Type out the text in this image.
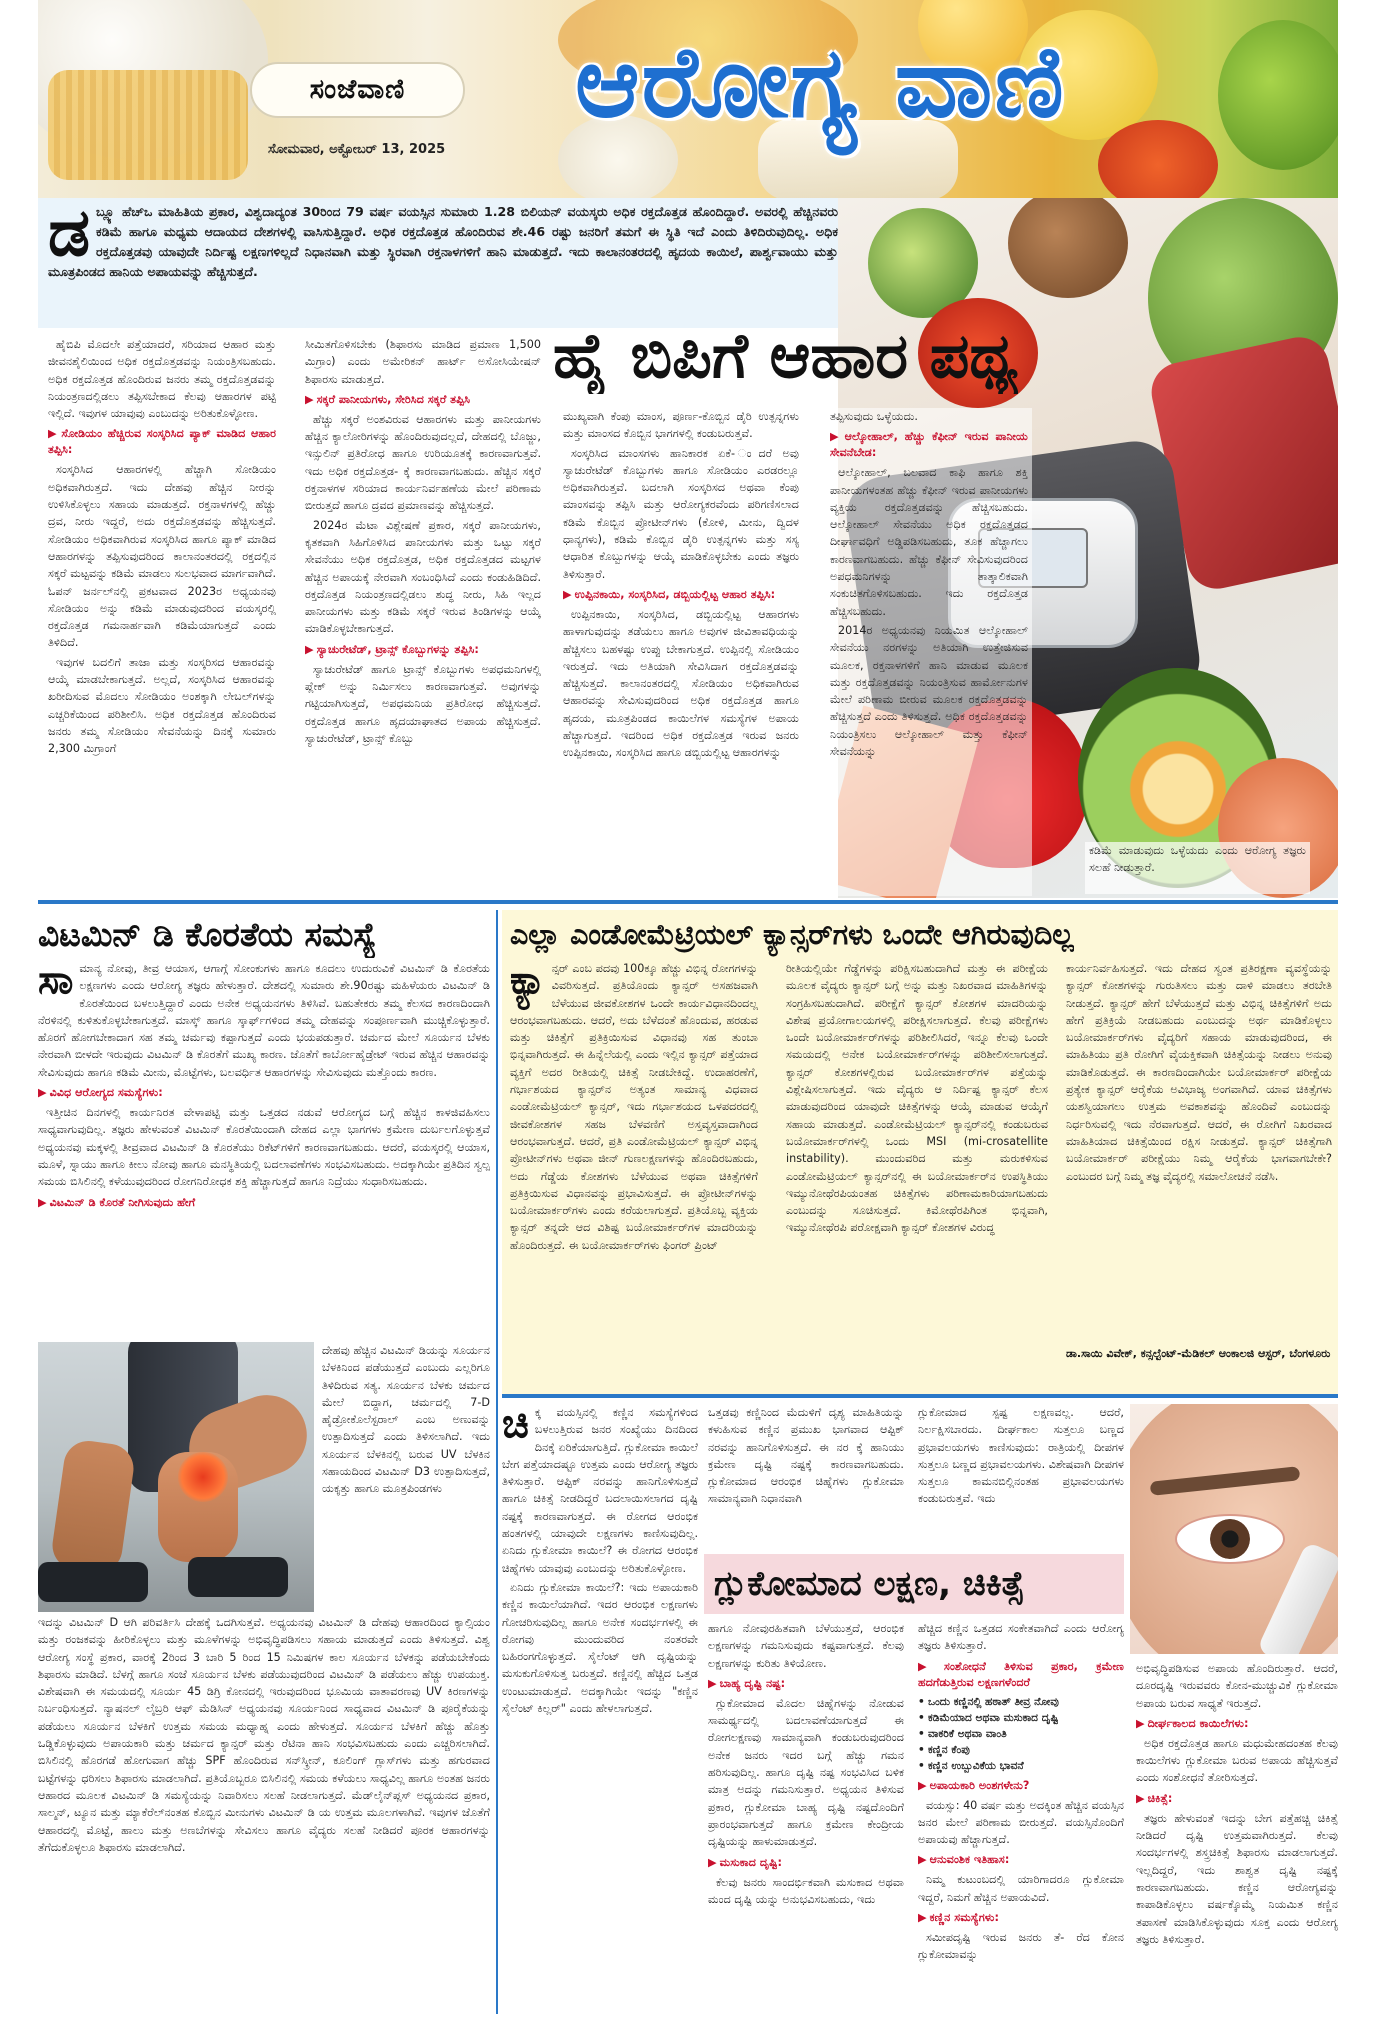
ಸಂಜೆವಾಣಿ
ಸೋಮವಾರ, ಅಕ್ಟೋಬರ್ 13, 2025
ಆರೋಗ್ಯ ವಾಣಿ
ಡ ಬ್ಲ್ಯೂ ಹೆಚ್‌ಒ ಮಾಹಿತಿಯ ಪ್ರಕಾರ, ವಿಶ್ವದಾದ್ಯಂತ 30ರಿಂದ 79 ವರ್ಷ ವಯಸ್ಸಿನ ಸುಮಾರು 1.28 ಬಿಲಿಯನ್ ವಯಸ್ಕರು ಅಧಿಕ ರಕ್ತದೊತ್ತಡ ಹೊಂದಿದ್ದಾರೆ. ಅವರಲ್ಲಿ ಹೆಚ್ಚಿನವರು ಕಡಿಮೆ ಹಾಗೂ ಮಧ್ಯಮ ಆದಾಯದ ದೇಶಗಳಲ್ಲಿ ವಾಸಿಸುತ್ತಿದ್ದಾರೆ. ಅಧಿಕ ರಕ್ತದೊತ್ತಡ ಹೊಂದಿರುವ ಶೇ.46 ರಷ್ಟು ಜನರಿಗೆ ತಮಗೆ ಈ ಸ್ಥಿತಿ ಇದೆ ಎಂದು ತಿಳಿದಿರುವುದಿಲ್ಲ. ಅಧಿಕ ರಕ್ತದೊತ್ತಡವು ಯಾವುದೇ ನಿರ್ದಿಷ್ಟ ಲಕ್ಷಣಗಳಿಲ್ಲದೆ ನಿಧಾನವಾಗಿ ಮತ್ತು ಸ್ಥಿರವಾಗಿ ರಕ್ತನಾಳಗಳಿಗೆ ಹಾನಿ ಮಾಡುತ್ತದೆ. ಇದು ಕಾಲಾನಂತರದಲ್ಲಿ ಹೃದಯ ಕಾಯಿಲೆ, ಪಾರ್ಶ್ವವಾಯು ಮತ್ತು ಮೂತ್ರಪಿಂಡದ ಹಾನಿಯ ಅಪಾಯವನ್ನು ಹೆಚ್ಚಿಸುತ್ತದೆ.
ಹೈ ಬಿಪಿಗೆ ಆಹಾರ ಪಥ್ಯ

ಹೈಬಿಪಿ ಮೊದಲೇ ಪತ್ತೆಯಾದರೆ, ಸರಿಯಾದ ಆಹಾರ ಮತ್ತು ಜೀವನಶೈಲಿಯಿಂದ ಅಧಿಕ ರಕ್ತದೊತ್ತಡವನ್ನು ನಿಯಂತ್ರಿಸಬಹುದು. ಅಧಿಕ ರಕ್ತದೊತ್ತಡ ಹೊಂದಿರುವ ಜನರು ತಮ್ಮ ರಕ್ತದೊತ್ತಡವನ್ನು ನಿಯಂತ್ರಣದಲ್ಲಿಡಲು ತಪ್ಪಿಸಬೇಕಾದ ಕೆಲವು ಆಹಾರಗಳ ಪಟ್ಟಿ ಇಲ್ಲಿದೆ. ಇವುಗಳ ಯಾವುವು ಎಂಬುದನ್ನು ಅರಿತುಕೊಳ್ಳೋಣ.

▶ ಸೋಡಿಯಂ ಹೆಚ್ಚಿರುವ ಸಂಸ್ಕರಿಸಿದ ಪ್ಯಾಕ್ ಮಾಡಿದ ಆಹಾರ ತಪ್ಪಿಸಿ:

ಸಂಸ್ಕರಿಸಿದ ಆಹಾರಗಳಲ್ಲಿ ಹೆಚ್ಚಾಗಿ ಸೋಡಿಯಂ ಅಧಿಕವಾಗಿರುತ್ತದೆ. ಇದು ದೇಹವು ಹೆಚ್ಚಿನ ನೀರನ್ನು ಉಳಿಸಿಕೊಳ್ಳಲು ಸಹಾಯ ಮಾಡುತ್ತದೆ. ರಕ್ತನಾಳಗಳಲ್ಲಿ ಹೆಚ್ಚು ದ್ರವ, ನೀರು ಇದ್ದರೆ, ಅದು ರಕ್ತದೊತ್ತಡವನ್ನು ಹೆಚ್ಚಿಸುತ್ತದೆ. ಸೋಡಿಯಂ ಅಧಿಕವಾಗಿರುವ ಸಂಸ್ಕರಿಸಿದ ಹಾಗೂ ಪ್ಯಾಕ್ ಮಾಡಿದ ಆಹಾರಗಳನ್ನು ತಪ್ಪಿಸುವುದರಿಂದ ಕಾಲಾನಂತರದಲ್ಲಿ ರಕ್ತದಲ್ಲಿನ ಸಕ್ಕರೆ ಮಟ್ಟವನ್ನು ಕಡಿಮೆ ಮಾಡಲು ಸುಲಭವಾದ ಮಾರ್ಗವಾಗಿದೆ. ಓಪನ್ ಜರ್ನಲ್‌ನಲ್ಲಿ ಪ್ರಕಟವಾದ 2023ರ ಅಧ್ಯಯನವು ಸೋಡಿಯಂ ಅನ್ನು ಕಡಿಮೆ ಮಾಡುವುದರಿಂದ ವಯಸ್ಕರಲ್ಲಿ ರಕ್ತದೊತ್ತಡ ಗಮನಾರ್ಹವಾಗಿ ಕಡಿಮೆಯಾಗುತ್ತದೆ ಎಂದು ತಿಳಿದಿದೆ.

ಇವುಗಳ ಬದಲಿಗೆ ತಾಜಾ ಮತ್ತು ಸಂಸ್ಕರಿಸದ ಆಹಾರವನ್ನು ಆಯ್ಕೆ ಮಾಡಬೇಕಾಗುತ್ತದೆ. ಅಲ್ಲದೆ, ಸಂಸ್ಕರಿಸಿದ ಆಹಾರವನ್ನು ಖರೀದಿಸುವ ಮೊದಲು ಸೋಡಿಯಂ ಅಂಶಕ್ಕಾಗಿ ಲೇಬಲ್‌ಗಳನ್ನು ಎಚ್ಚರಿಕೆಯಿಂದ ಪರಿಶೀಲಿಸಿ. ಅಧಿಕ ರಕ್ತದೊತ್ತಡ ಹೊಂದಿರುವ ಜನರು ತಮ್ಮ ಸೋಡಿಯಂ ಸೇವನೆಯನ್ನು ದಿನಕ್ಕೆ ಸುಮಾರು 2,300 ಮಿಗ್ರಾಂಗೆ

ಸೀಮಿತಗೊಳಿಸಬೇಕು (ಶಿಫಾರಸು ಮಾಡಿದ ಪ್ರಮಾಣ 1,500 ಮಿಗ್ರಾಂ) ಎಂದು ಅಮೇರಿಕನ್ ಹಾರ್ಟ್ ಅಸೋಸಿಯೇಷನ್ ಶಿಫಾರಸು ಮಾಡುತ್ತದೆ.

▶ ಸಕ್ಕರೆ ಪಾನೀಯಗಳು, ಸೇರಿಸಿದ ಸಕ್ಕರೆ ತಪ್ಪಿಸಿ

ಹೆಚ್ಚು ಸಕ್ಕರೆ ಅಂಶವಿರುವ ಆಹಾರಗಳು ಮತ್ತು ಪಾನೀಯಗಳು ಹೆಚ್ಚಿನ ಕ್ಯಾಲೋರಿಗಳನ್ನು ಹೊಂದಿರುವುದಲ್ಲದೆ, ದೇಹದಲ್ಲಿ ಬೊಜ್ಜು, ಇನ್ಸುಲಿನ್ ಪ್ರತಿರೋಧ ಹಾಗೂ ಉರಿಯೂತಕ್ಕೆ ಕಾರಣವಾಗುತ್ತವೆ. ಇದು ಅಧಿಕ ರಕ್ತದೊತ್ತಡ- ಕ್ಕೆ ಕಾರಣವಾಗಬಹುದು. ಹೆಚ್ಚಿನ ಸಕ್ಕರೆ ರಕ್ತನಾಳಗಳ ಸರಿಯಾದ ಕಾರ್ಯನಿರ್ವಹಣೆಯ ಮೇಲೆ ಪರಿಣಾಮ ಬೀರುತ್ತದೆ ಹಾಗೂ ದ್ರವದ ಪ್ರಮಾಣವನ್ನು ಹೆಚ್ಚಿಸುತ್ತದೆ.

2024ರ ಮೆಟಾ ವಿಶ್ಲೇಷಣೆ ಪ್ರಕಾರ, ಸಕ್ಕರೆ ಪಾನೀಯಗಳು, ಕೃತಕವಾಗಿ ಸಿಹಿಗೊಳಿಸಿದ ಪಾನೀಯಗಳು ಮತ್ತು ಒಟ್ಟು ಸಕ್ಕರೆ ಸೇವನೆಯು ಅಧಿಕ ರಕ್ತದೊತ್ತಡ, ಅಧಿಕ ರಕ್ತದೊತ್ತಡದ ಮಟ್ಟಗಳ ಹೆಚ್ಚಿನ ಅಪಾಯಕ್ಕೆ ನೇರವಾಗಿ ಸಂಬಂಧಿಸಿದೆ ಎಂದು ಕಂಡುಹಿಡಿದಿದೆ. ರಕ್ತದೊತ್ತಡ ನಿಯಂತ್ರಣದಲ್ಲಿಡಲು ಶುದ್ಧ ನೀರು, ಸಿಹಿ ಇಲ್ಲದ ಪಾನೀಯಗಳು ಮತ್ತು ಕಡಿಮೆ ಸಕ್ಕರೆ ಇರುವ ತಿಂಡಿಗಳನ್ನು ಆಯ್ಕೆ ಮಾಡಿಕೊಳ್ಳಬೇಕಾಗುತ್ತದೆ.

▶ ಸ್ಯಾಚುರೇಟೆಡ್, ಟ್ರಾನ್ಸ್ ಕೊಬ್ಬುಗಳನ್ನು ತಪ್ಪಿಸಿ:

ಸ್ಯಾಚುರೇಟೆಡ್ ಹಾಗೂ ಟ್ರಾನ್ಸ್ ಕೊಬ್ಬುಗಳು ಅಪಧಮನಿಗಳಲ್ಲಿ ಪ್ಲೇಕ್ ಅನ್ನು ನಿರ್ಮಿಸಲು ಕಾರಣವಾಗುತ್ತವೆ. ಅವುಗಳನ್ನು ಗಟ್ಟಿಯಾಗಿಸುತ್ತದೆ, ಅಪಧಮನಿಯ ಪ್ರತಿರೋಧ ಹೆಚ್ಚಿಸುತ್ತದೆ. ರಕ್ತದೊತ್ತಡ ಹಾಗೂ ಹೃದಯಾಘಾತದ ಅಪಾಯ ಹೆಚ್ಚಿಸುತ್ತದೆ. ಸ್ಯಾಚುರೇಟೆಡ್, ಟ್ರಾನ್ಸ್ ಕೊಬ್ಬು

ಮುಖ್ಯವಾಗಿ ಕೆಂಪು ಮಾಂಸ, ಪೂರ್ಣ-ಕೊಬ್ಬಿನ ಡೈರಿ ಉತ್ಪನ್ನಗಳು ಮತ್ತು ಮಾಂಸದ ಕೊಬ್ಬಿನ ಭಾಗಗಳಲ್ಲಿ ಕಂಡುಬರುತ್ತವೆ.

ಸಂಸ್ಕರಿಸಿದ ಮಾಂಸಗಳು ಹಾನಿಕಾರಕ ಏಕೆ- ಂದರೆ ಅವು ಸ್ಯಾಚುರೇಟೆಡ್ ಕೊಬ್ಬುಗಳು ಹಾಗೂ ಸೋಡಿಯಂ ಎರಡರಲ್ಲೂ ಅಧಿಕವಾಗಿರುತ್ತವೆ. ಬದಲಾಗಿ ಸಂಸ್ಕರಿಸದ ಅಥವಾ ಕೆಂಪು ಮಾಂಸವನ್ನು ತಪ್ಪಿಸಿ ಮತ್ತು ಆರೋಗ್ಯಕರವೆಂದು ಪರಿಗಣಿಸಲಾದ ಕಡಿಮೆ ಕೊಬ್ಬಿನ ಪ್ರೋಟೀನ್‌ಗಳು (ಕೋಳಿ, ಮೀನು, ದ್ವಿದಳ ಧಾನ್ಯಗಳು), ಕಡಿಮೆ ಕೊಬ್ಬಿನ ಡೈರಿ ಉತ್ಪನ್ನಗಳು ಮತ್ತು ಸಸ್ಯ ಆಧಾರಿತ ಕೊಬ್ಬುಗಳನ್ನು ಆಯ್ಕೆ ಮಾಡಿಕೊಳ್ಳಬೇಕು ಎಂದು ತಜ್ಞರು ತಿಳಿಸುತ್ತಾರೆ.

▶ ಉಪ್ಪಿನಕಾಯಿ, ಸಂಸ್ಕರಿಸಿದ, ಡಬ್ಬಿಯಲ್ಲಿಟ್ಟ ಆಹಾರ ತಪ್ಪಿಸಿ:

ಉಪ್ಪಿನಕಾಯಿ, ಸಂಸ್ಕರಿಸಿದ, ಡಬ್ಬಿಯಲ್ಲಿಟ್ಟ ಆಹಾರಗಳು ಹಾಳಾಗುವುದನ್ನು ತಡೆಯಲು ಹಾಗೂ ಅವುಗಳ ಜೀವಿತಾವಧಿಯನ್ನು ಹೆಚ್ಚಿಸಲು ಬಹಳಷ್ಟು ಉಪ್ಪು ಬೇಕಾಗುತ್ತದೆ. ಉಪ್ಪಿನಲ್ಲಿ ಸೋಡಿಯಂ ಇರುತ್ತದೆ. ಇದು ಅತಿಯಾಗಿ ಸೇವಿಸಿದಾಗ ರಕ್ತದೊತ್ತಡವನ್ನು ಹೆಚ್ಚಿಸುತ್ತದೆ. ಕಾಲಾನಂತರದಲ್ಲಿ ಸೋಡಿಯಂ ಅಧಿಕವಾಗಿರುವ ಆಹಾರವನ್ನು ಸೇವಿಸುವುದರಿಂದ ಅಧಿಕ ರಕ್ತದೊತ್ತಡ ಹಾಗೂ ಹೃದಯ, ಮೂತ್ರಪಿಂಡದ ಕಾಯಿಲೆಗಳ ಸಮಸ್ಯೆಗಳ ಅಪಾಯ ಹೆಚ್ಚಾಗುತ್ತದೆ. ಇದರಿಂದ ಅಧಿಕ ರಕ್ತದೊತ್ತಡ ಇರುವ ಜನರು ಉಪ್ಪಿನಕಾಯಿ, ಸಂಸ್ಕರಿಸಿದ ಹಾಗೂ ಡಬ್ಬಿಯಲ್ಲಿಟ್ಟ ಆಹಾರಗಳನ್ನು

ತಪ್ಪಿಸುವುದು ಒಳ್ಳೆಯದು.

▶ ಆಲ್ಕೋಹಾಲ್, ಹೆಚ್ಚು ಕೆಫೀನ್ ಇರುವ ಪಾನೀಯ ಸೇವನೆಬೇಡ:

ಆಲ್ಕೋಹಾಲ್, ಬಲವಾದ ಕಾಫಿ ಹಾಗೂ ಶಕ್ತಿ ಪಾನೀಯಗಳಂತಹ ಹೆಚ್ಚು ಕೆಫೀನ್ ಇರುವ ಪಾನೀಯಗಳು ವ್ಯಕ್ತಿಯ ರಕ್ತದೊತ್ತಡವನ್ನು ಹೆಚ್ಚಿಸಬಹುದು. ಆಲ್ಕೋಹಾಲ್ ಸೇವನೆಯು ಅಧಿಕ ರಕ್ತದೊತ್ತಡದ ದೀರ್ಘಾವಧಿಗೆ ಅಡ್ಡಿಪಡಿಸಬಹುದು, ತೂಕ ಹೆಚ್ಚಾಗಲು ಕಾರಣವಾಗಬಹುದು. ಹೆಚ್ಚು ಕೆಫೀನ್ ಸೇವಿಸುವುದರಿಂದ ಅಪಧಮನಿಗಳನ್ನು ತಾತ್ಕಾಲಿಕವಾಗಿ ಸಂಕುಚಿತಗೊಳಿಸಬಹುದು. ಇದು ರಕ್ತದೊತ್ತಡ ಹೆಚ್ಚಿಸಬಹುದು.

2014ರ ಅಧ್ಯಯನವು ನಿಯಮಿತ ಆಲ್ಕೋಹಾಲ್ ಸೇವನೆಯು ನರಗಳನ್ನು ಅತಿಯಾಗಿ ಉತ್ತೇಜಿಸುವ ಮೂಲಕ, ರಕ್ತನಾಳಗಳಿಗೆ ಹಾನಿ ಮಾಡುವ ಮೂಲಕ ಮತ್ತು ರಕ್ತದೊತ್ತಡವನ್ನು ನಿಯಂತ್ರಿಸುವ ಹಾರ್ಮೋನುಗಳ ಮೇಲೆ ಪರಿಣಾಮ ಬೀರುವ ಮೂಲಕ ರಕ್ತದೊತ್ತಡವನ್ನು ಹೆಚ್ಚಿಸುತ್ತದೆ ಎಂದು ತಿಳಿಸುತ್ತದೆ. ಅಧಿಕ ರಕ್ತದೊತ್ತಡವನ್ನು ನಿಯಂತ್ರಿಸಲು ಆಲ್ಕೋಹಾಲ್ ಮತ್ತು ಕೆಫೀನ್ ಸೇವನೆಯನ್ನು

ಕಡಿಮೆ ಮಾಡುವುದು ಒಳ್ಳೆಯದು ಎಂದು ಆರೋಗ್ಯ ತಜ್ಞರು ಸಲಹೆ ನೀಡುತ್ತಾರೆ.
ವಿಟಮಿನ್ ಡಿ ಕೊರತೆಯ ಸಮಸ್ಯೆ
ಸಾ ಮಾನ್ಯ ನೋವು, ತೀವ್ರ ಆಯಾಸ, ಆಗಾಗ್ಗೆ ಸೋಂಕುಗಳು ಹಾಗೂ ಕೂದಲು ಉದುರುವಿಕೆ ವಿಟಮಿನ್ ಡಿ ಕೊರತೆಯ ಲಕ್ಷಣಗಳು ಎಂದು ಆರೋಗ್ಯ ತಜ್ಞರು ಹೇಳುತ್ತಾರೆ. ದೇಶದಲ್ಲಿ ಸುಮಾರು ಶೇ.90ರಷ್ಟು ಮಹಿಳೆಯರು ವಿಟಮಿನ್ ಡಿ ಕೊರತೆಯಿಂದ ಬಳಲುತ್ತಿದ್ದಾರೆ ಎಂದು ಅನೇಕ ಅಧ್ಯಯನಗಳು ತಿಳಿಸಿವೆ. ಬಹುತೇಕರು ತಮ್ಮ ಕೆಲಸದ ಕಾರಣದಿಂದಾಗಿ ನೆರಳಿನಲ್ಲಿ ಕುಳಿತುಕೊಳ್ಳಬೇಕಾಗುತ್ತದೆ. ಮಾಸ್ಕ್ ಹಾಗೂ ಸ್ಕಾರ್ಫ್‌ಗಳಿಂದ ತಮ್ಮ ದೇಹವನ್ನು ಸಂಪೂರ್ಣವಾಗಿ ಮುಚ್ಚಿಕೊಳ್ಳುತ್ತಾರೆ. ಹೊರಗೆ ಹೋಗಬೇಕಾದಾಗ ಸಹ ತಮ್ಮ ಚರ್ಮವು ಕಪ್ಪಾಗುತ್ತದೆ ಎಂದು ಭಯಪಡುತ್ತಾರೆ. ಚರ್ಮದ ಮೇಲೆ ಸೂರ್ಯನ ಬೆಳಕು ನೇರವಾಗಿ ಬೀಳದೇ ಇರುವುದು ವಿಟಮಿನ್ ಡಿ ಕೊರತೆಗೆ ಮುಖ್ಯ ಕಾರಣ. ಜೊತೆಗೆ ಕಾರ್ಬೋಹೈಡ್ರೇಟ್ ಇರುವ ಹೆಚ್ಚಿನ ಆಹಾರವನ್ನು ಸೇವಿಸುವುದು ಹಾಗೂ ಕಡಿಮೆ ಮೀನು, ಮೊಟ್ಟೆಗಳು, ಬಲವರ್ಧಿತ ಆಹಾರಗಳನ್ನು ಸೇವಿಸುವುದು ಮತ್ತೊಂದು ಕಾರಣ.

▶ ವಿವಿಧ ಆರೋಗ್ಯದ ಸಮಸ್ಯೆಗಳು:

ಇತ್ತೀಚಿನ ದಿನಗಳಲ್ಲಿ ಕಾರ್ಯನಿರತ ವೇಳಾಪಟ್ಟಿ ಮತ್ತು ಒತ್ತಡದ ನಡುವೆ ಆರೋಗ್ಯದ ಬಗ್ಗೆ ಹೆಚ್ಚಿನ ಕಾಳಜಿವಹಿಸಲು ಸಾಧ್ಯವಾಗುವುದಿಲ್ಲ. ತಜ್ಞರು ಹೇಳುವಂತೆ ವಿಟಮಿನ್ ಕೊರತೆಯಿಂದಾಗಿ ದೇಹದ ಎಲ್ಲಾ ಭಾಗಗಳು ಕ್ರಮೇಣ ದುರ್ಬಲಗೊಳ್ಳುತ್ತವೆ ಅಧ್ಯಯನವು ಮಕ್ಕಳಲ್ಲಿ ತೀವ್ರವಾದ ವಿಟಮಿನ್ ಡಿ ಕೊರತೆಯು ರಿಕೆಟ್‌ಗಳಿಗೆ ಕಾರಣವಾಗಬಹುದು. ಆದರೆ, ವಯಸ್ಕರಲ್ಲಿ ಆಯಾಸ, ಮೂಳೆ, ಸ್ನಾಯು ಹಾಗೂ ಕೀಲು ನೋವು ಹಾಗೂ ಮನಸ್ಥಿತಿಯಲ್ಲಿ ಬದಲಾವಣೆಗಳು ಸಂಭವಿಸಬಹುದು. ಅದಕ್ಕಾಗಿಯೇ ಪ್ರತಿದಿನ ಸ್ವಲ್ಪ ಸಮಯ ಬಿಸಿಲಿನಲ್ಲಿ ಕಳೆಯುವುದರಿಂದ ರೋಗನಿರೋಧಕ ಶಕ್ತಿ ಹೆಚ್ಚಾಗುತ್ತದೆ ಹಾಗೂ ನಿದ್ರೆಯು ಸುಧಾರಿಸಬಹುದು.

▶ ವಿಟಮಿನ್ ಡಿ ಕೊರತೆ ನೀಗಿಸುವುದು ಹೇಗೆ
ದೇಹವು ಹೆಚ್ಚಿನ ವಿಟಮಿನ್ ಡಿಯನ್ನು ಸೂರ್ಯನ ಬೆಳಕಿನಿಂದ ಪಡೆಯುತ್ತದೆ ಎಂಬುದು ಎಲ್ಲರಿಗೂ ತಿಳಿದಿರುವ ಸತ್ಯ. ಸೂರ್ಯನ ಬೆಳಕು ಚರ್ಮದ ಮೇಲೆ ಬಿದ್ದಾಗ, ಚರ್ಮದಲ್ಲಿ 7-D ಹೈಡ್ರೋಕೊಲೆಸ್ಟರಾಲ್ ಎಂಬ ಅಣುವನ್ನು ಉತ್ಪಾದಿಸುತ್ತದೆ ಎಂದು ತಿಳಿಸಲಾಗಿದೆ. ಇದು ಸೂರ್ಯನ ಬೆಳಕಿನಲ್ಲಿ ಬರುವ UV ಬೆಳಕಿನ ಸಹಾಯದಿಂದ ವಿಟಮಿನ್ D3 ಉತ್ಪಾದಿಸುತ್ತದೆ, ಯಕೃತ್ತು ಹಾಗೂ ಮೂತ್ರಪಿಂಡಗಳು
ಇದನ್ನು ವಿಟಮಿನ್ D ಆಗಿ ಪರಿವರ್ತಿಸಿ ದೇಹಕ್ಕೆ ಒದಗಿಸುತ್ತವೆ. ಅಧ್ಯಯನವು ವಿಟಮಿನ್ ಡಿ ದೇಹವು ಆಹಾರದಿಂದ ಕ್ಯಾಲ್ಸಿಯಂ ಮತ್ತು ರಂಜಕವನ್ನು ಹೀರಿಕೊಳ್ಳಲು ಮತ್ತು ಮೂಳೆಗಳನ್ನು ಅಭಿವೃದ್ಧಿಪಡಿಸಲು ಸಹಾಯ ಮಾಡುತ್ತದೆ ಎಂದು ತಿಳಿಸುತ್ತದೆ. ವಿಶ್ವ ಆರೋಗ್ಯ ಸಂಸ್ಥೆ ಪ್ರಕಾರ, ವಾರಕ್ಕೆ 2ರಿಂದ 3 ಬಾರಿ 5 ರಿಂದ 15 ನಿಮಿಷಗಳ ಕಾಲ ಸೂರ್ಯನ ಬೆಳಕನ್ನು ಪಡೆಯಬೇಕೆಂದು ಶಿಫಾರಸು ಮಾಡಿದೆ. ಬೆಳಗ್ಗೆ ಹಾಗೂ ಸಂಜೆ ಸೂರ್ಯನ ಬೆಳಕು ಪಡೆಯುವುದರಿಂದ ವಿಟಮಿನ್ ಡಿ ಪಡೆಯಲು ಹೆಚ್ಚು ಉಪಯುಕ್ತ. ವಿಶೇಷವಾಗಿ ಈ ಸಮಯದಲ್ಲಿ ಸೂರ್ಯ 45 ಡಿಗ್ರಿ ಕೋನದಲ್ಲಿ ಇರುವುದರಿಂದ ಭೂಮಿಯ ವಾತಾವರಣವು UV ಕಿರಣಗಳನ್ನು ನಿರ್ಬಂಧಿಸುತ್ತದೆ. ನ್ಯಾಷನಲ್ ಲೈಬ್ರರಿ ಆಫ್ ಮೆಡಿಸಿನ್ ಅಧ್ಯಯನವು ಸೂರ್ಯನಿಂದ ಸಾಧ್ಯವಾದ ವಿಟಮಿನ್ ಡಿ ಪೂರೈಕೆಯನ್ನು ಪಡೆಯಲು ಸೂರ್ಯನ ಬೆಳಕಿಗೆ ಉತ್ತಮ ಸಮಯ ಮಧ್ಯಾಹ್ನ ಎಂದು ಹೇಳುತ್ತದೆ. ಸೂರ್ಯನ ಬೆಳಕಿಗೆ ಹೆಚ್ಚು ಹೊತ್ತು ಒಡ್ಡಿಕೊಳ್ಳುವುದು ಅಪಾಯಕಾರಿ ಮತ್ತು ಚರ್ಮದ ಕ್ಯಾನ್ಸರ್ ಮತ್ತು ರೆಟಿನಾ ಹಾನಿ ಸಂಭವಿಸಬಹುದು ಎಂದು ಎಚ್ಚರಿಸಲಾಗಿದೆ. ಬಿಸಿಲಿನಲ್ಲಿ ಹೊರಗಡೆ ಹೋಗುವಾಗ ಹೆಚ್ಚು SPF ಹೊಂದಿರುವ ಸನ್‌ಸ್ಕ್ರೀನ್, ಕೂಲಿಂಗ್ ಗ್ಲಾಸ್‌ಗಳು ಮತ್ತು ಹಗುರವಾದ ಬಟ್ಟೆಗಳನ್ನು ಧರಿಸಲು ಶಿಫಾರಸು ಮಾಡಲಾಗಿದೆ. ಪ್ರತಿಯೊಬ್ಬರೂ ಬಿಸಿಲಿನಲ್ಲಿ ಸಮಯ ಕಳೆಯಲು ಸಾಧ್ಯವಿಲ್ಲ ಹಾಗೂ ಅಂತಹ ಜನರು ಆಹಾರದ ಮೂಲಕ ವಿಟಮಿನ್ ಡಿ ಸಮಸ್ಯೆಯನ್ನು ನಿವಾರಿಸಲು ಸಲಹೆ ನೀಡಲಾಗುತ್ತದೆ. ಮೆಡ್‌ಲೈನ್‌ಪ್ಲಸ್ ಅಧ್ಯಯನದ ಪ್ರಕಾರ, ಸಾಲ್ಮನ್, ಟ್ಯೂನ ಮತ್ತು ಮ್ಯಾಕೆರೆಲ್‌ನಂತಹ ಕೊಬ್ಬಿನ ಮೀನುಗಳು ವಿಟಮಿನ್ ಡಿ ಯ ಉತ್ತಮ ಮೂಲಗಳಾಗಿವೆ. ಇವುಗಳ ಜೊತೆಗೆ ಆಹಾರದಲ್ಲಿ ಮೊಟ್ಟೆ, ಹಾಲು ಮತ್ತು ಅಣಬೆಗಳನ್ನು ಸೇವಿಸಲು ಹಾಗೂ ವೈದ್ಯರು ಸಲಹೆ ನೀಡಿದರೆ ಪೂರಕ ಆಹಾರಗಳನ್ನು ತೆಗೆದುಕೊಳ್ಳಲೂ ಶಿಫಾರಸು ಮಾಡಲಾಗಿದೆ.
ಎಲ್ಲಾ ಎಂಡೋಮೆಟ್ರಿಯಲ್ ಕ್ಯಾನ್ಸರ್‌ಗಳು ಒಂದೇ ಆಗಿರುವುದಿಲ್ಲ
ಕ್ಯಾ ನ್ಸರ್ ಎಂಬ ಪದವು 100ಕ್ಕೂ ಹೆಚ್ಚು ವಿಭಿನ್ನ ರೋಗಗಳನ್ನು ವಿವರಿಸುತ್ತದೆ. ಪ್ರತಿಯೊಂದು ಕ್ಯಾನ್ಸರ್ ಅಸಹಜವಾಗಿ ಬೆಳೆಯುವ ಜೀವಕೋಶಗಳ ಒಂದೇ ಕಾರ್ಯವಿಧಾನದಿಂದಲ್ಲ ಆರಂಭವಾಗಬಹುದು. ಆದರೆ, ಅದು ಬೆಳೆದಂತೆ ಹೊಂದುವ, ಹರಡುವ ಮತ್ತು ಚಿಕಿತ್ಸೆಗೆ ಪ್ರತಿಕ್ರಿಯಿಸುವ ವಿಧಾನವು ಸಹ ತುಂಬಾ ಭಿನ್ನವಾಗಿರುತ್ತದೆ. ಈ ಹಿನ್ನೆಲೆಯಲ್ಲಿ ಎಂದು ಇಲ್ಲಿನ ಕ್ಯಾನ್ಸರ್ ಪತ್ತೆಯಾದ ವ್ಯಕ್ತಿಗೆ ಅದರ ರೀತಿಯಲ್ಲಿ ಚಿಕಿತ್ಸೆ ನೀಡಬೇಕಿದ್ದೆ. ಉದಾಹರಣೆಗೆ, ಗರ್ಭಾಶಯದ ಕ್ಯಾನ್ಸರ್‌ನ ಅತ್ಯಂತ ಸಾಮಾನ್ಯ ವಿಧವಾದ ಎಂಡೋಮೆಟ್ರಿಯಲ್ ಕ್ಯಾನ್ಸರ್, ಇದು ಗರ್ಭಾಶಯದ ಒಳಪದರದಲ್ಲಿ ಜೀವಕೋಶಗಳ ಸಹಜ ಬೆಳವಣಿಗೆ ಅಸ್ತವ್ಯಸ್ತವಾದಾಗಿಂದ ಆರಂಭವಾಗುತ್ತದೆ. ಆದರೆ, ಪ್ರತಿ ಎಂಡೋಮೆಟ್ರಿಯಲ್ ಕ್ಯಾನ್ಸರ್ ವಿಭಿನ್ನ ಪ್ರೋಟೀನ್‌ಗಳು ಅಥವಾ ಜೀನ್ ಗುಣಲಕ್ಷಣಗಳನ್ನು ಹೊಂದಿರಬಹುದು, ಅದು ಗೆಡ್ಡೆಯ ಕೋಶಗಳು ಬೆಳೆಯುವ ಅಥವಾ ಚಿಕಿತ್ಸೆಗಳಿಗೆ ಪ್ರತಿಕ್ರಿಯಿಸುವ ವಿಧಾನವನ್ನು ಪ್ರಭಾವಿಸುತ್ತದೆ. ಈ ಪ್ರೋಟೀನ್‌ಗಳನ್ನು ಬಯೋಮಾರ್ಕರ್‌ಗಳು ಎಂದು ಕರೆಯಲಾಗುತ್ತದೆ. ಪ್ರತಿಯೊಬ್ಬ ವ್ಯಕ್ತಿಯ ಕ್ಯಾನ್ಸರ್ ತನ್ನದೇ ಆದ ವಿಶಿಷ್ಟ ಬಯೋಮಾರ್ಕರ್‌ಗಳ ಮಾದರಿಯನ್ನು ಹೊಂದಿರುತ್ತದೆ. ಈ ಬಯೋಮಾರ್ಕರ್‌ಗಳು ಫಿಂಗರ್ ಪ್ರಿಂಟ್
ರೀತಿಯಲ್ಲಿಯೇ ಗೆಡ್ಡೆಗಳನ್ನು ಪರಿಕ್ಷಿಸಬಹುದಾಗಿದೆ ಮತ್ತು ಈ ಪರೀಕ್ಷೆಯ ಮೂಲಕ ವೈದ್ಯರು ಕ್ಯಾನ್ಸರ್ ಬಗ್ಗೆ ಅನ್ನು ಮತ್ತು ನಿಖರವಾದ ಮಾಹಿತಿಗಳನ್ನು ಸಂಗ್ರಹಿಸಬಹುದಾಗಿದೆ. ಪರೀಕ್ಷೆಗೆ ಕ್ಯಾನ್ಸರ್ ಕೋಶಗಳ ಮಾದರಿಯನ್ನು ವಿಶೇಷ ಪ್ರಯೋಗಾಲಯಗಳಲ್ಲಿ ಪರೀಕ್ಷಿಸಲಾಗುತ್ತದೆ. ಕೆಲವು ಪರೀಕ್ಷೆಗಳು ಒಂದೇ ಬಯೋಮಾರ್ಕರ್‌ಗಳನ್ನು ಪರಿಶೀಲಿಸಿದರೆ, ಇನ್ನೂ ಕೆಲವು ಒಂದೇ ಸಮಯದಲ್ಲಿ ಅನೇಕ ಬಯೋಮಾರ್ಕರ್‌ಗಳನ್ನು ಪರಿಶೀಲಿಸಲಾಗುತ್ತದೆ. ಕ್ಯಾನ್ಸರ್ ಕೋಶಗಳಲ್ಲಿರುವ ಬಯೋಮಾರ್ಕರ್‌ಗಳ ಪತ್ತೆಯನ್ನು ವಿಶ್ಲೇಷಿಸಲಾಗುತ್ತದೆ. ಇದು ವೈದ್ಯರು ಆ ನಿರ್ದಿಷ್ಟ ಕ್ಯಾನ್ಸರ್ ಕೆಲಸ ಮಾಡುವುದರಿಂದ ಯಾವುದೇ ಚಿಕಿತ್ಸೆಗಳನ್ನು ಆಯ್ಕೆ ಮಾಡುವ ಆಯ್ಕೆಗೆ ಸಹಾಯ ಮಾಡುತ್ತದೆ. ಎಂಡೋಮೆಟ್ರಿಯಲ್ ಕ್ಯಾನ್ಸರ್‌ನಲ್ಲಿ ಕಂಡುಬರುವ ಬಯೋಮಾರ್ಕರ್‌ಗಳಲ್ಲಿ ಒಂದು MSI (mi-crosatellite instability). ಮುಂದುವರಿದ ಮತ್ತು ಮರುಕಳಿಸುವ ಎಂಡೋಮೆಟ್ರಿಯಲ್ ಕ್ಯಾನ್ಸರ್‌ನಲ್ಲಿ ಈ ಬಯೋಮಾರ್ಕರ್‌ನ ಉಪಸ್ಥಿತಿಯು ಇಮ್ಯುನೋಥೆರಪಿಯಂತಹ ಚಿಕಿತ್ಸೆಗಳು ಪರಿಣಾಮಕಾರಿಯಾಗಬಹುದು ಎಂಬುದನ್ನು ಸೂಚಿಸುತ್ತದೆ. ಕಿಮೋಥೆರಪಿಗಿಂತ ಭಿನ್ನವಾಗಿ, ಇಮ್ಯುನೋಥೆರಪಿ ಪರೋಕ್ಷವಾಗಿ ಕ್ಯಾನ್ಸರ್ ಕೋಶಗಳ ವಿರುದ್ಧ
ಕಾರ್ಯನಿರ್ವಹಿಸುತ್ತದೆ. ಇದು ದೇಹದ ಸ್ವಂತ ಪ್ರತಿರಕ್ಷಣಾ ವ್ಯವಸ್ಥೆಯನ್ನು ಕ್ಯಾನ್ಸರ್ ಕೋಶಗಳನ್ನು ಗುರುತಿಸಲು ಮತ್ತು ದಾಳಿ ಮಾಡಲು ತರಬೇತಿ ನೀಡುತ್ತದೆ. ಕ್ಯಾನ್ಸರ್ ಹೇಗೆ ಬೆಳೆಯುತ್ತದೆ ಮತ್ತು ವಿಭಿನ್ನ ಚಿಕಿತ್ಸೆಗಳಿಗೆ ಅದು ಹೇಗೆ ಪ್ರತಿಕ್ರಿಯೆ ನೀಡಬಹುದು ಎಂಬುದನ್ನು ಅರ್ಥ ಮಾಡಿಕೊಳ್ಳಲು ಬಯೋಮಾರ್ಕರ್‌ಗಳು ವೈದ್ಯರಿಗೆ ಸಹಾಯ ಮಾಡುವುದರಿಂದ, ಈ ಮಾಹಿತಿಯು ಪ್ರತಿ ರೋಗಿಗೆ ವೈಯಕ್ತಿಕವಾಗಿ ಚಿಕಿತ್ಸೆಯನ್ನು ನೀಡಲು ಅನುವು ಮಾಡಿಕೊಡುತ್ತದೆ. ಈ ಕಾರಣದಿಂದಾಗಿಯೇ ಬಯೋಮಾರ್ಕರ್ ಪರೀಕ್ಷೆಯ ಪ್ರತ್ಯೇಕ ಕ್ಯಾನ್ಸರ್ ಆರೈಕೆಯ ಅವಿಭಾಜ್ಯ ಅಂಗವಾಗಿದೆ. ಯಾವ ಚಿಕಿತ್ಸೆಗಳು ಯಶಸ್ವಿಯಾಗಲು ಉತ್ತಮ ಅವಕಾಶವನ್ನು ಹೊಂದಿವೆ ಎಂಬುದನ್ನು ನಿರ್ಧರಿಸುವಲ್ಲಿ ಇದು ನೆರವಾಗುತ್ತದೆ. ಆದರೆ, ಈ ರೋಗಿಗೆ ನಿಖರವಾದ ಮಾಹಿತಿಯಾದ ಚಿಕಿತ್ಸೆಯಿಂದ ರಕ್ಷಿಸ ನೀಡುತ್ತದೆ. ಕ್ಯಾನ್ಸರ್ ಚಿಕಿತ್ಸೆಗಾಗಿ ಬಯೋಮಾರ್ಕರ್ ಪರೀಕ್ಷೆಯು ನಿಮ್ಮ ಆರೈಕೆಯ ಭಾಗವಾಗಬೇಕೇ? ಎಂಬುದರ ಬಗ್ಗೆ ನಿಮ್ಮ ತಜ್ಞ ವೈದ್ಯರಲ್ಲಿ ಸಮಾಲೋಚನೆ ನಡೆಸಿ.
ಡಾ.ಸಾಯಿ ವಿವೇಕ್, ಕನ್ಸಲ್ಟೆಂಟ್-ಮೆಡಿಕಲ್ ಆಂಕಾಲಜಿ ಆಸ್ಟರ್, ಬೆಂಗಳೂರು
ಚಿ ಕ್ಕ ವಯಸ್ಸಿನಲ್ಲಿ ಕಣ್ಣಿನ ಸಮಸ್ಯೆಗಳಿಂದ ಬಳಲುತ್ತಿರುವ ಜನರ ಸಂಖ್ಯೆಯು ದಿನದಿಂದ ದಿನಕ್ಕೆ ಏರಿಕೆಯಾಗುತ್ತಿದೆ. ಗ್ಲುಕೋಮಾ ಕಾಯಿಲೆ ಬೇಗ ಪತ್ತೆಯಾದಷ್ಟೂ ಉತ್ತಮ ಎಂದು ಆರೋಗ್ಯ ತಜ್ಞರು ತಿಳಿಸುತ್ತಾರೆ. ಆಪ್ಟಿಕ್ ನರವನ್ನು ಹಾನಿಗೊಳಿಸುತ್ತದೆ ಹಾಗೂ ಚಿಕಿತ್ಸೆ ನೀಡದಿದ್ದರೆ ಬದಲಾಯಿಸಲಾಗದ ದೃಷ್ಟಿ ನಷ್ಟಕ್ಕೆ ಕಾರಣವಾಗುತ್ತದೆ. ಈ ರೋಗದ ಆರಂಭಿಕ ಹಂತಗಳಲ್ಲಿ ಯಾವುದೇ ಲಕ್ಷಣಗಳು ಕಾಣಿಸುವುದಿಲ್ಲ. ಏನಿದು ಗ್ಲುಕೋಮಾ ಕಾಯಿಲೆ? ಈ ರೋಗದ ಆರಂಭಿಕ ಚಿಹ್ನೆಗಳು ಯಾವುವು ಎಂಬುದನ್ನು ಅರಿತುಕೊಳ್ಳೋಣ.

ಏನಿದು ಗ್ಲುಕೋಮಾ ಕಾಯಿಲೆ?: ಇದು ಅಪಾಯಕಾರಿ ಕಣ್ಣಿನ ಕಾಯಿಲೆಯಾಗಿದೆ. ಇದರ ಆರಂಭಿಕ ಲಕ್ಷಣಗಳು ಗೋಚರಿಸುವುದಿಲ್ಲ ಹಾಗೂ ಅನೇಕ ಸಂದರ್ಭಗಳಲ್ಲಿ ಈ ರೋಗವು ಮುಂದುವರಿದ ನಂತರವೇ ಬಹಿರಂಗಗೊಳ್ಳುತ್ತದೆ. ಸೈಲೆಂಟ್ ಆಗಿ ದೃಷ್ಟಿಯನ್ನು ಮಸುಕುಗೊಳಿಸುತ್ತ ಬರುತ್ತದೆ. ಕಣ್ಣಿನಲ್ಲಿ ಹೆಚ್ಚಿದ ಒತ್ತಡ ಉಂಟುಮಾಡುತ್ತದೆ. ಅದಕ್ಕಾಗಿಯೇ ಇದನ್ನು "ಕಣ್ಣಿನ ಸೈಲೆಂಟ್ ಕಿಲ್ಲರ್" ಎಂದು ಹೇಳಲಾಗುತ್ತದೆ.

ಒತ್ತಡವು ಕಣ್ಣಿನಿಂದ ಮೆದುಳಿಗೆ ದೃಶ್ಯ ಮಾಹಿತಿಯನ್ನು ಕಳುಹಿಸುವ ಕಣ್ಣಿನ ಪ್ರಮುಖ ಭಾಗವಾದ ಆಪ್ಟಿಕ್ ನರವನ್ನು ಹಾನಿಗೊಳಿಸುತ್ತದೆ. ಈ ನರ ಕ್ಕೆ ಹಾನಿಯು ಕ್ರಮೇಣ ದೃಷ್ಟಿ ನಷ್ಟಕ್ಕೆ ಕಾರಣವಾಗಬಹುದು. ಗ್ಲುಕೋಮಾದ ಆರಂಭಿಕ ಚಿಹ್ನೆಗಳು ಗ್ಲುಕೋಮಾ ಸಾಮಾನ್ಯವಾಗಿ ನಿಧಾನವಾಗಿ
ಗ್ಲುಕೋಮಾದ ಸ್ಪಷ್ಟ ಲಕ್ಷಣವಲ್ಲ. ಆದರೆ, ನಿರ್ಲಕ್ಷಿಸಬಾರದು. ದೀರ್ಘಕಾಲ ಸುತ್ತಲೂ ಬಣ್ಣದ ಪ್ರಭಾವಲಯಗಳು ಕಾಣಿಸುವುದು: ರಾತ್ರಿಯಲ್ಲಿ ದೀಪಗಳ ಸುತ್ತಲೂ ಬಣ್ಣದ ಪ್ರಭಾವಲಯಗಳು. ವಿಶೇಷವಾಗಿ ದೀಪಗಳ ಸುತ್ತಲೂ ಕಾಮನಬಿಲ್ಲಿನಂತಹ ಪ್ರಭಾವಲಯಗಳು ಕಂಡುಬರುತ್ತವೆ. ಇದು
ಗ್ಲುಕೋಮಾದ ಲಕ್ಷಣ, ಚಿಕಿತ್ಸೆ

ಹಾಗೂ ನೋವುರಹಿತವಾಗಿ ಬೆಳೆಯುತ್ತದೆ, ಆರಂಭಿಕ ಲಕ್ಷಣಗಳನ್ನು ಗಮನಿಸುವುದು ಕಷ್ಟವಾಗುತ್ತದೆ. ಕೆಲವು ಲಕ್ಷಣಗಳನ್ನು ಕುರಿತು ತಿಳಿಯೋಣ.

▶ ಬಾಹ್ಯ ದೃಷ್ಟಿ ನಷ್ಟ:

ಗ್ಲುಕೋಮಾದ ಮೊದಲ ಚಿಹ್ನೆಗಳನ್ನು ನೋಡುವ ಸಾಮರ್ಥ್ಯದಲ್ಲಿ ಬದಲಾವಣೆಯಾಗುತ್ತದೆ ಈ ರೋಗಲಕ್ಷಣವು ಸಾಮಾನ್ಯವಾಗಿ ಕಂಡುಬರುವುದರಿಂದ ಅನೇಕ ಜನರು ಇದರ ಬಗ್ಗೆ ಹೆಚ್ಚು ಗಮನ ಹರಿಸುವುದಿಲ್ಲ. ಹಾಗೂ ದೃಷ್ಟಿ ನಷ್ಟ ಸಂಭವಿಸಿದ ಬಳಿಕ ಮಾತ್ರ ಅದನ್ನು ಗಮನಿಸುತ್ತಾರೆ. ಅಧ್ಯಯನ ತಿಳಿಸುವ ಪ್ರಕಾರ, ಗ್ಲುಕೋಮಾ ಬಾಹ್ಯ ದೃಷ್ಟಿ ನಷ್ಟದೊಂದಿಗೆ ಪ್ರಾರಂಭವಾಗುತ್ತದೆ ಹಾಗೂ ಕ್ರಮೇಣ ಕೇಂದ್ರೀಯ ದೃಷ್ಟಿಯನ್ನು ಹಾಳುಮಾಡುತ್ತದೆ.

▶ ಮಸುಕಾದ ದೃಷ್ಟಿ:

ಕೆಲವು ಜನರು ಸಾಂದರ್ಭಿಕವಾಗಿ ಮಸುಕಾದ ಅಥವಾ ಮಂದ ದೃಷ್ಟಿ ಯನ್ನು ಅನುಭವಿಸಬಹುದು, ಇದು

ಹೆಚ್ಚಿದ ಕಣ್ಣಿನ ಒತ್ತಡದ ಸಂಕೇತವಾಗಿದೆ ಎಂದು ಆರೋಗ್ಯ ತಜ್ಞರು ತಿಳಿಸುತ್ತಾರೆ.

▶ ಸಂಶೋಧನೆ ತಿಳಿಸುವ ಪ್ರಕಾರ, ಕ್ರಮೇಣ ಹದಗೆಡುತ್ತಿರುವ ಲಕ್ಷಣಗಳೆಂದರೆ
• ಒಂದು ಕಣ್ಣಿನಲ್ಲಿ ಹಠಾತ್ ತೀವ್ರ ನೋವು
• ಕಡಿಮೆಯಾದ ಅಥವಾ ಮಸುಕಾದ ದೃಷ್ಟಿ
• ವಾಕರಿಕೆ ಅಥವಾ ವಾಂತಿ
• ಕಣ್ಣಿನ ಕೆಂಪು
• ಕಣ್ಣಿನ ಉಬ್ಬುವಿಕೆಯ ಭಾವನೆ
▶ ಅಪಾಯಕಾರಿ ಅಂಶಗಳೇನು?

ವಯಸ್ಸು: 40 ವರ್ಷ ಮತ್ತು ಅದಕ್ಕಿಂತ ಹೆಚ್ಚಿನ ವಯಸ್ಸಿನ ಜನರ ಮೇಲೆ ಪರಿಣಾಮ ಬೀರುತ್ತದೆ. ವಯಸ್ಸಿನೊಂದಿಗೆ ಅಪಾಯವು ಹೆಚ್ಚಾಗುತ್ತದೆ.

▶ ಆನುವಂಶಿಕ ಇತಿಹಾಸ:

ನಿಮ್ಮ ಕುಟುಂಬದಲ್ಲಿ ಯಾರಿಗಾದರೂ ಗ್ಲುಕೋಮಾ ಇದ್ದರೆ, ನಿಮಗೆ ಹೆಚ್ಚಿನ ಅಪಾಯವಿದೆ.

▶ ಕಣ್ಣಿನ ಸಮಸ್ಯೆಗಳು:

ಸಮೀಪದೃಷ್ಟಿ ಇರುವ ಜನರು ತೆ- ರೆದ ಕೋನ ಗ್ಲುಕೋಮಾವನ್ನು

ಅಭಿವೃದ್ಧಿಪಡಿಸುವ ಅಪಾಯ ಹೊಂದಿರುತ್ತಾರೆ. ಆದರೆ, ದೂರದೃಷ್ಟಿ ಇರುವವರು ಕೋನ-ಮುಚ್ಚುವಿಕೆ ಗ್ಲುಕೋಮಾ ಅಪಾಯ ಬರುವ ಸಾಧ್ಯತೆ ಇರುತ್ತದೆ.

▶ ದೀರ್ಘಕಾಲದ ಕಾಯಿಲೆಗಳು:

ಅಧಿಕ ರಕ್ತದೊತ್ತಡ ಹಾಗೂ ಮಧುಮೇಹದಂತಹ ಕೆಲವು ಕಾಯಿಲೆಗಳು ಗ್ಲುಕೋಮಾ ಬರುವ ಅಪಾಯ ಹೆಚ್ಚಿಸುತ್ತವೆ ಎಂದು ಸಂಶೋಧನೆ ತೋರಿಸುತ್ತದೆ.

▶ ಚಿಕಿತ್ಸೆ:

ತಜ್ಞರು ಹೇಳುವಂತೆ ಇದನ್ನು ಬೇಗ ಪತ್ತೆಹಚ್ಚಿ ಚಿಕಿತ್ಸೆ ನೀಡಿದರೆ ದೃಷ್ಟಿ ಉತ್ತಮವಾಗಿರುತ್ತದೆ. ಕೆಲವು ಸಂದರ್ಭಗಳಲ್ಲಿ ಶಸ್ತ್ರಚಿಕಿತ್ಸೆ ಶಿಫಾರಸು ಮಾಡಲಾಗುತ್ತದೆ. ಇಲ್ಲದಿದ್ದರೆ, ಇದು ಶಾಶ್ವತ ದೃಷ್ಟಿ ನಷ್ಟಕ್ಕೆ ಕಾರಣವಾಗಬಹುದು. ಕಣ್ಣಿನ ಆರೋಗ್ಯವನ್ನು ಕಾಪಾಡಿಕೊಳ್ಳಲು ವರ್ಷಕ್ಕೊಮ್ಮೆ ನಿಯಮಿತ ಕಣ್ಣಿನ ತಪಾಸಣೆ ಮಾಡಿಸಿಕೊಳ್ಳುವುದು ಸೂಕ್ತ ಎಂದು ಆರೋಗ್ಯ ತಜ್ಞರು ತಿಳಿಸುತ್ತಾರೆ.
